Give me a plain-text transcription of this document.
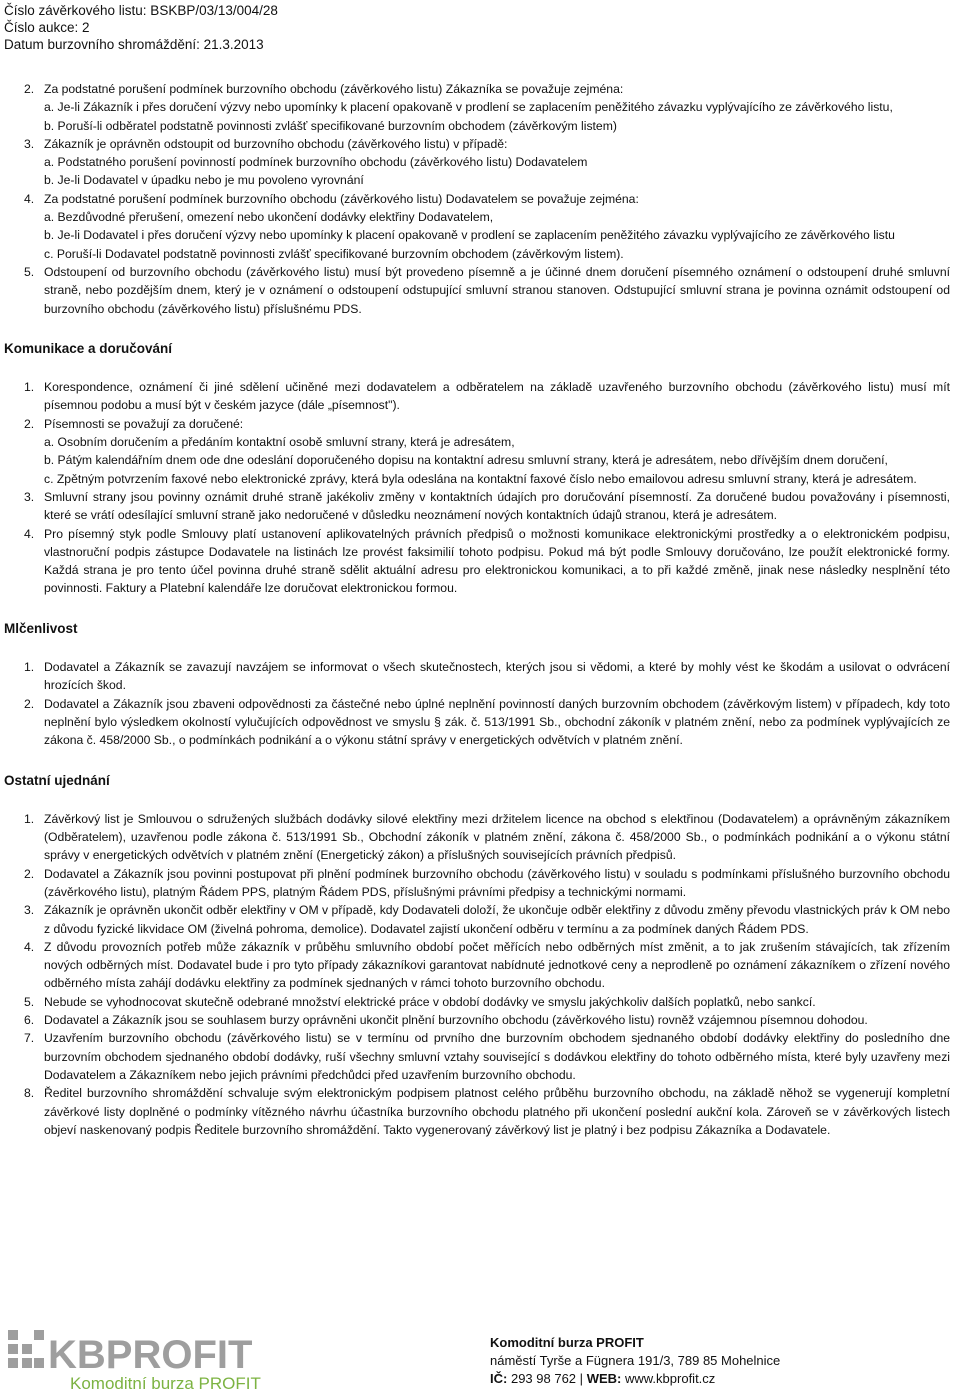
Číslo závěrkového listu: BSKBP/03/13/004/28
Číslo aukce: 2
Datum burzovního shromáždění: 21.3.2013
2. Za podstatné porušení podmínek burzovního obchodu (závěrkového listu) Zákazníka se považuje zejména:
a. Je-li Zákazník i přes doručení výzvy nebo upomínky k placení opakovaně v prodlení se zaplacením peněžitého závazku vyplývajícího ze závěrkového listu,
b. Poruší-li odběratel podstatně povinnosti zvlášť specifikované burzovním obchodem (závěrkovým listem)
3. Zákazník je oprávněn odstoupit od burzovního obchodu (závěrkového listu) v případě:
a. Podstatného porušení povinností podmínek burzovního obchodu (závěrkového listu) Dodavatelem
b. Je-li Dodavatel v úpadku nebo je mu povoleno vyrovnání
4. Za podstatné porušení podmínek burzovního obchodu (závěrkového listu) Dodavatelem se považuje zejména:
a. Bezdůvodné přerušení, omezení nebo ukončení dodávky elektřiny Dodavatelem,
b. Je-li Dodavatel i přes doručení výzvy nebo upomínky k placení opakovaně v prodlení se zaplacením peněžitého závazku vyplývajícího ze závěrkového listu
c. Poruší-li Dodavatel podstatně povinnosti zvlášť specifikované burzovním obchodem (závěrkovým listem).
5. Odstoupení od burzovního obchodu (závěrkového listu) musí být provedeno písemně a je účinné dnem doručení písemného oznámení o odstoupení druhé smluvní straně, nebo pozdějším dnem, který je v oznámení o odstoupení odstupující smluvní stranou stanoven. Odstupující smluvní strana je povinna oznámit odstoupení od burzovního obchodu (závěrkového listu) příslušnému PDS.
Komunikace a doručování
1. Korespondence, oznámení či jiné sdělení učiněné mezi dodavatelem a odběratelem na základě uzavřeného burzovního obchodu (závěrkového listu) musí mít písemnou podobu a musí být v českém jazyce (dále „písemnost").
2. Písemnosti se považují za doručené:
a. Osobním doručením a předáním kontaktní osobě smluvní strany, která je adresátem,
b. Pátým kalendářním dnem ode dne odeslání doporučeného dopisu na kontaktní adresu smluvní strany, která je adresátem, nebo dřívějším dnem doručení,
c. Zpětným potvrzením faxové nebo elektronické zprávy, která byla odeslána na kontaktní faxové číslo nebo emailovou adresu smluvní strany, která je adresátem.
3. Smluvní strany jsou povinny oznámit druhé straně jakékoliv změny v kontaktních údajích pro doručování písemností. Za doručené budou považovány i písemnosti, které se vrátí odesílající smluvní straně jako nedoručené v důsledku neoznámení nových kontaktních údajů stranou, která je adresátem.
4. Pro písemný styk podle Smlouvy platí ustanovení aplikovatelných právních předpisů o možnosti komunikace elektronickými prostředky a o elektronickém podpisu, vlastnoruční podpis zástupce Dodavatele na listinách lze provést faksimilií tohoto podpisu. Pokud má být podle Smlouvy doručováno, lze použít elektronické formy. Každá strana je pro tento účel povinna druhé straně sdělit aktuální adresu pro elektronickou komunikaci, a to při každé změně, jinak nese následky nesplnění této povinnosti. Faktury a Platební kalendáře lze doručovat elektronickou formou.
Mlčenlivost
1. Dodavatel a Zákazník se zavazují navzájem se informovat o všech skutečnostech, kterých jsou si vědomi, a které by mohly vést ke škodám a usilovat o odvrácení hrozících škod.
2. Dodavatel a Zákazník jsou zbaveni odpovědnosti za částečné nebo úplné neplnění povinností daných burzovním obchodem (závěrkovým listem) v případech, kdy toto neplnění bylo výsledkem okolností vylučujících odpovědnost ve smyslu § zák. č. 513/1991 Sb., obchodní zákoník v platném znění, nebo za podmínek vyplývajících ze zákona č. 458/2000 Sb., o podmínkách podnikání a o výkonu státní správy v energetických odvětvích v platném znění.
Ostatní ujednání
1. Závěrkový list je Smlouvou o sdružených službách dodávky silové elektřiny mezi držitelem licence na obchod s elektřinou (Dodavatelem) a oprávněným zákazníkem (Odběratelem), uzavřenou podle zákona č. 513/1991 Sb., Obchodní zákoník v platném znění, zákona č. 458/2000 Sb., o podmínkách podnikání a o výkonu státní správy v energetických odvětvích v platném znění (Energetický zákon) a příslušných souvisejících právních předpisů.
2. Dodavatel a Zákazník jsou povinni postupovat při plnění podmínek burzovního obchodu (závěrkového listu) v souladu s podmínkami příslušného burzovního obchodu (závěrkového listu), platným Řádem PPS, platným Řádem PDS, příslušnými právními předpisy a technickými normami.
3. Zákazník je oprávněn ukončit odběr elektřiny v OM v případě, kdy Dodavateli doloží, že ukončuje odběr elektřiny z důvodu změny převodu vlastnických práv k OM nebo z důvodu fyzické likvidace OM (živelná pohroma, demolice). Dodavatel zajistí ukončení odběru v termínu a za podmínek daných Řádem PDS.
4. Z důvodu provozních potřeb může zákazník v průběhu smluvního období počet měřících nebo odběrných míst změnit, a to jak zrušením stávajících, tak zřízením nových odběrných míst. Dodavatel bude i pro tyto případy zákazníkovi garantovat nabídnuté jednotkové ceny a neprodleně po oznámení zákazníkem o zřízení nového odběrného místa zahájí dodávku elektřiny za podmínek sjednaných v rámci tohoto burzovního obchodu.
5. Nebude se vyhodnocovat skutečně odebrané množství elektrické práce v období dodávky ve smyslu jakýchkoliv dalších poplatků, nebo sankcí.
6. Dodavatel a Zákazník jsou se souhlasem burzy oprávněni ukončit plnění burzovního obchodu (závěrkového listu) rovněž vzájemnou písemnou dohodou.
7. Uzavřením burzovního obchodu (závěrkového listu) se v termínu od prvního dne burzovním obchodem sjednaného období dodávky elektřiny do posledního dne burzovním obchodem sjednaného období dodávky, ruší všechny smluvní vztahy související s dodávkou elektřiny do tohoto odběrného místa, které byly uzavřeny mezi Dodavatelem a Zákazníkem nebo jejich právními předchůdci před uzavřením burzovního obchodu.
8. Ředitel burzovního shromáždění schvaluje svým elektronickým podpisem platnost celého průběhu burzovního obchodu, na základě něhož se vygenerují kompletní závěrkové listy doplněné o podmínky vítězného návrhu účastníka burzovního obchodu platného při ukončení poslední aukční kola. Zároveň se v závěrkových listech objeví naskenovaný podpis Ředitele burzovního shromáždění. Takto vygenerovaný závěrkový list je platný i bez podpisu Zákazníka a Dodavatele.
KBPROFIT
Komoditní burza PROFIT
Komoditní burza PROFIT
náměstí Tyrše a Fügnera 191/3, 789 85 Mohelnice
IČ: 293 98 762 | WEB: www.kbprofit.cz
